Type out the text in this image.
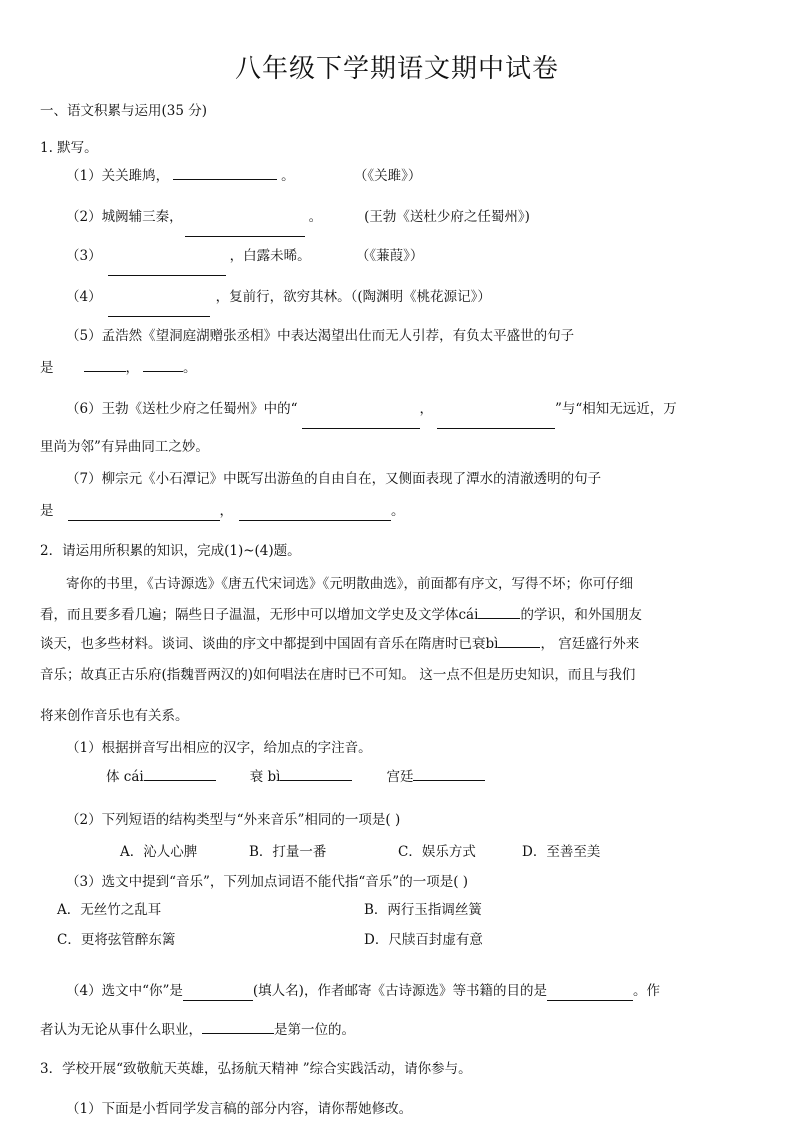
八年级下学期语文期中试卷
一、语文积累与运用(35 分)
1. 默写。
（1）关关雎鸠，	。	（《关雎》）
（2）城阙辅三秦，	。	(王勃《送杜少府之任蜀州》)
（3）	，白露未晞。	（《蒹葭》）
（4）	，复前行，欲穷其林。（(陶渊明《桃花源记》）
（5）孟浩然《望洞庭湖赠张丞相》中表达渴望出仕而无人引荐，有负太平盛世的句子
是	，	。
（6）王勃《送杜少府之任蜀州》中的“	，	”与“相知无远近，万
里尚为邻”有异曲同工之妙。
（7）柳宗元《小石潭记》中既写出游鱼的自由自在，又侧面表现了潭水的清澈透明的句子
是	，	。
2．请运用所积累的知识，完成(1)~(4)题。
寄你的书里，《古诗源选》《唐五代宋词选》《元明散曲选》，前面都有序文，写得不坏；你可仔细
看，而且要多看几遍；隔些日子温温，无形中可以增加文学史及文学体cái	的学识，和外国朋友
谈天，也多些材料。谈词、谈曲的序文中都提到中国固有音乐在隋唐时已衰bì	， 宫廷盛行外来
音乐；故真正古乐府(指魏晋两汉的)如何唱法在唐时已不可知。 这一点不但是历史知识，而且与我们
将来创作音乐也有关系。
（1）根据拼音写出相应的汉字，给加点的字注音。
体 cái	衰 bì	宫廷
（2）下列短语的结构类型与“外来音乐”相同的一项是( )
A．沁人心脾	B．打量一番	C．娱乐方式	D．至善至美
（3）选文中提到“音乐”，下列加点词语不能代指“音乐”的一项是( )
A．无丝竹之乱耳	B．两行玉指调丝簧
C．更将弦管醉东篱	D．尺牍百封虚有意
（4）选文中“你”是	(填人名)，作者邮寄《古诗源选》等书籍的目的是	。作
者认为无论从事什么职业，	是第一位的。
3．学校开展“致敬航天英雄，弘扬航天精神 ”综合实践活动，请你参与。
（1）下面是小哲同学发言稿的部分内容，请你帮她修改。
